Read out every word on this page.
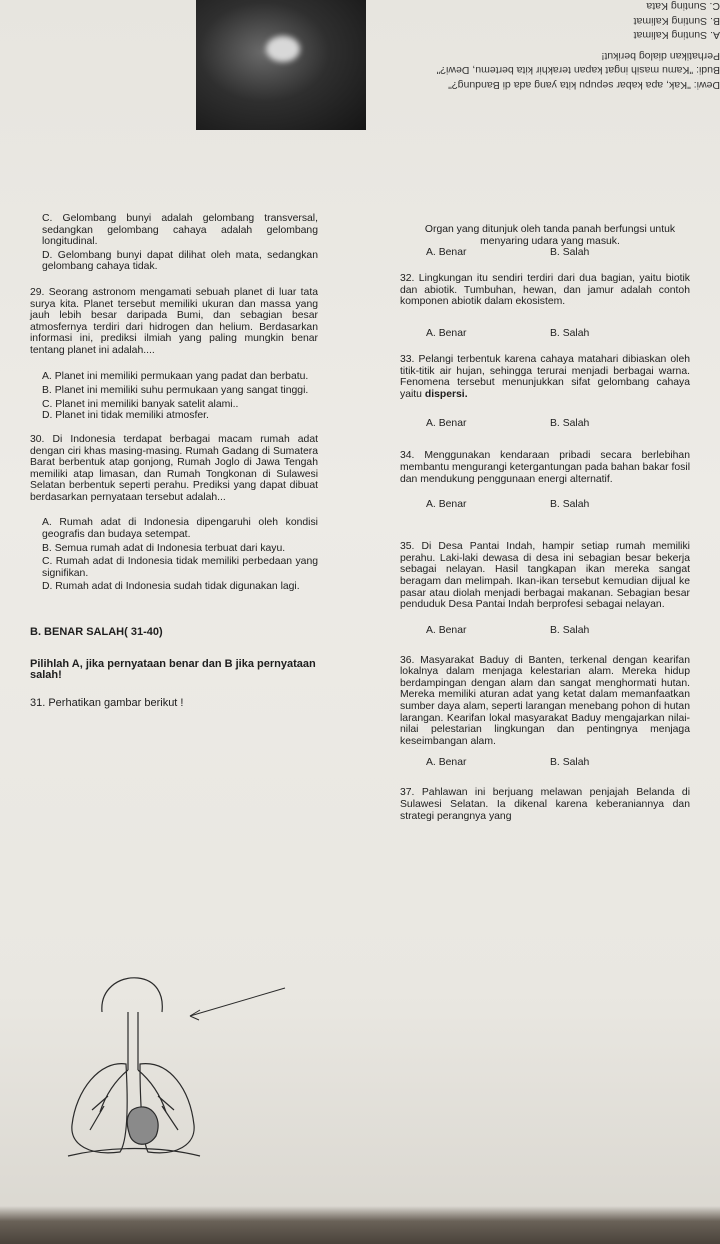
Dewi: "Kak, apa kabar sepupu kita yang ada di Bandung?"
Budi: "Kamu masih ingat kapan terakhir kita bertemu, Dewi?"
Perhatikan dialog berikut!
A. Sunting Kalimat
B. Sunting Kalimat
C. Sunting Kata
C. Gelombang bunyi adalah gelombang transversal, sedangkan gelombang cahaya adalah gelombang longitudinal.
D. Gelombang bunyi dapat dilihat oleh mata, sedangkan gelombang cahaya tidak.
29. Seorang astronom mengamati sebuah planet di luar tata surya kita. Planet tersebut memiliki ukuran dan massa yang jauh lebih besar daripada Bumi, dan sebagian besar atmosfernya terdiri dari hidrogen dan helium. Berdasarkan informasi ini, prediksi ilmiah yang paling mungkin benar tentang planet ini adalah....
A. Planet ini memiliki permukaan yang padat dan berbatu.
B. Planet ini memiliki suhu permukaan yang sangat tinggi.
C. Planet ini memiliki banyak satelit alami..
D. Planet ini tidak memiliki atmosfer.
30. Di Indonesia terdapat berbagai macam rumah adat dengan ciri khas masing-masing. Rumah Gadang di Sumatera Barat berbentuk atap gonjong, Rumah Joglo di Jawa Tengah memiliki atap limasan, dan Rumah Tongkonan di Sulawesi Selatan berbentuk seperti perahu. Prediksi yang dapat dibuat berdasarkan pernyataan tersebut adalah...
A. Rumah adat di Indonesia dipengaruhi oleh kondisi geografis dan budaya setempat.
B. Semua rumah adat di Indonesia terbuat dari kayu.
C. Rumah adat di Indonesia tidak memiliki perbedaan yang signifikan.
D. Rumah adat di Indonesia sudah tidak digunakan lagi.
B. BENAR SALAH( 31-40)
Pilihlah A, jika pernyataan benar dan B jika pernyataan salah!
31. Perhatikan gambar berikut !
Organ yang ditunjuk oleh tanda panah berfungsi untuk menyaring udara yang masuk.
A. Benar	B. Salah
32. Lingkungan itu sendiri terdiri dari dua bagian, yaitu biotik dan abiotik. Tumbuhan, hewan, dan jamur adalah contoh komponen abiotik dalam ekosistem.
A. Benar	B. Salah
33. Pelangi terbentuk karena cahaya matahari dibiaskan oleh titik-titik air hujan, sehingga terurai menjadi berbagai warna. Fenomena tersebut menunjukkan sifat gelombang cahaya yaitu dispersi.
A. Benar	B. Salah
34. Menggunakan kendaraan pribadi secara berlebihan membantu mengurangi ketergantungan pada bahan bakar fosil dan mendukung penggunaan energi alternatif.
A. Benar	B. Salah
35. Di Desa Pantai Indah, hampir setiap rumah memiliki perahu. Laki-laki dewasa di desa ini sebagian besar bekerja sebagai nelayan. Hasil tangkapan ikan mereka sangat beragam dan melimpah. Ikan-ikan tersebut kemudian dijual ke pasar atau diolah menjadi berbagai makanan. Sebagian besar penduduk Desa Pantai Indah berprofesi sebagai nelayan.
A. Benar	B. Salah
36. Masyarakat Baduy di Banten, terkenal dengan kearifan lokalnya dalam menjaga kelestarian alam. Mereka hidup berdampingan dengan alam dan sangat menghormati hutan. Mereka memiliki aturan adat yang ketat dalam memanfaatkan sumber daya alam, seperti larangan menebang pohon di hutan larangan. Kearifan lokal masyarakat Baduy mengajarkan nilai-nilai pelestarian lingkungan dan pentingnya menjaga keseimbangan alam.
A. Benar	B. Salah
37. Pahlawan ini berjuang melawan penjajah Belanda di Sulawesi Selatan. Ia dikenal karena keberaniannya dan strategi perangnya yang
